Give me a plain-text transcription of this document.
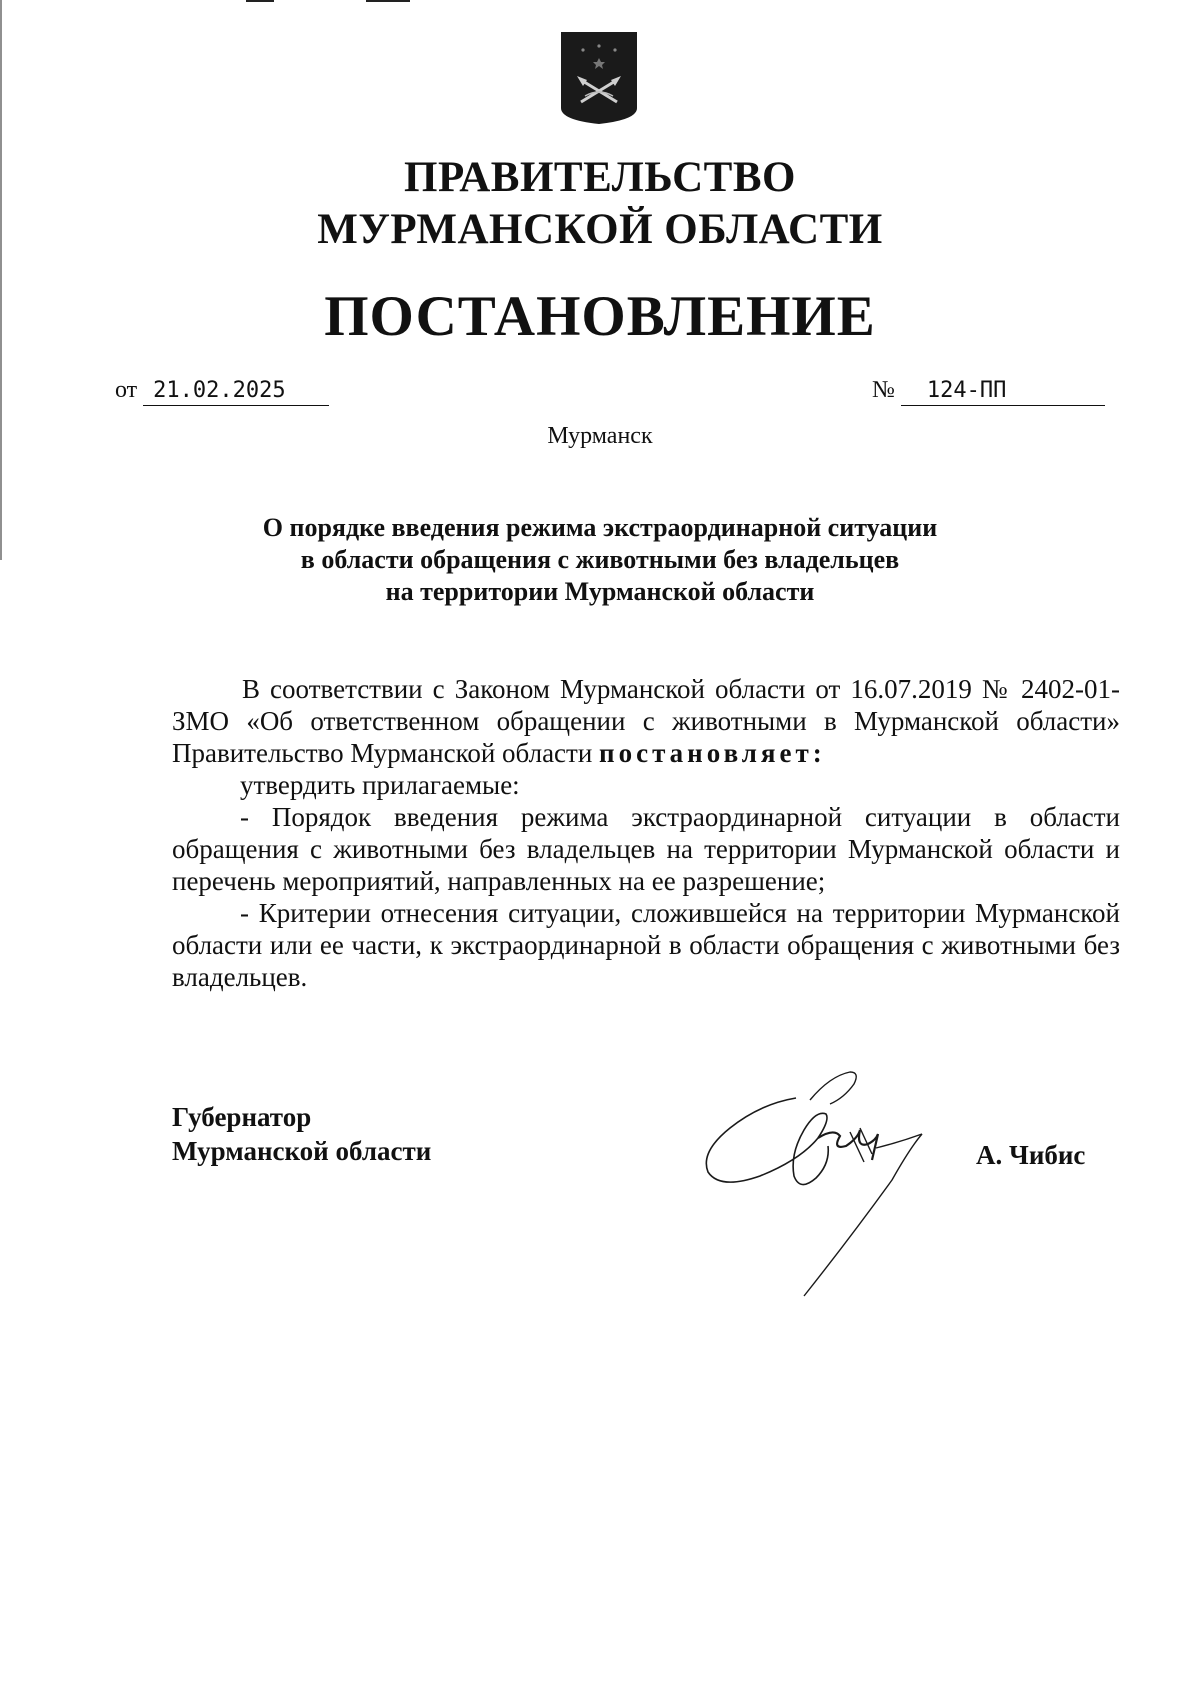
ПРАВИТЕЛЬСТВО
МУРМАНСКОЙ ОБЛАСТИ
ПОСТАНОВЛЕНИЕ
от 21.02.2025	№ 124-ПП
Мурманск
О порядке введения режима экстраординарной ситуации
в области обращения с животными без владельцев
на территории Мурманской области

В соответствии с Законом Мурманской области от 16.07.2019 № 2402-01-ЗМО «Об ответственном обращении с животными в Мурманской области» Правительство Мурманской области постановляет:

утвердить прилагаемые:

- Порядок введения режима экстраординарной ситуации в области обращения с животными без владельцев на территории Мурманской области и перечень мероприятий, направленных на ее разрешение;

- Критерии отнесения ситуации, сложившейся на территории Мурманской области или ее части, к экстраординарной в области обращения с животными без владельцев.

Губернатор
Мурманской области	А. Чибис
